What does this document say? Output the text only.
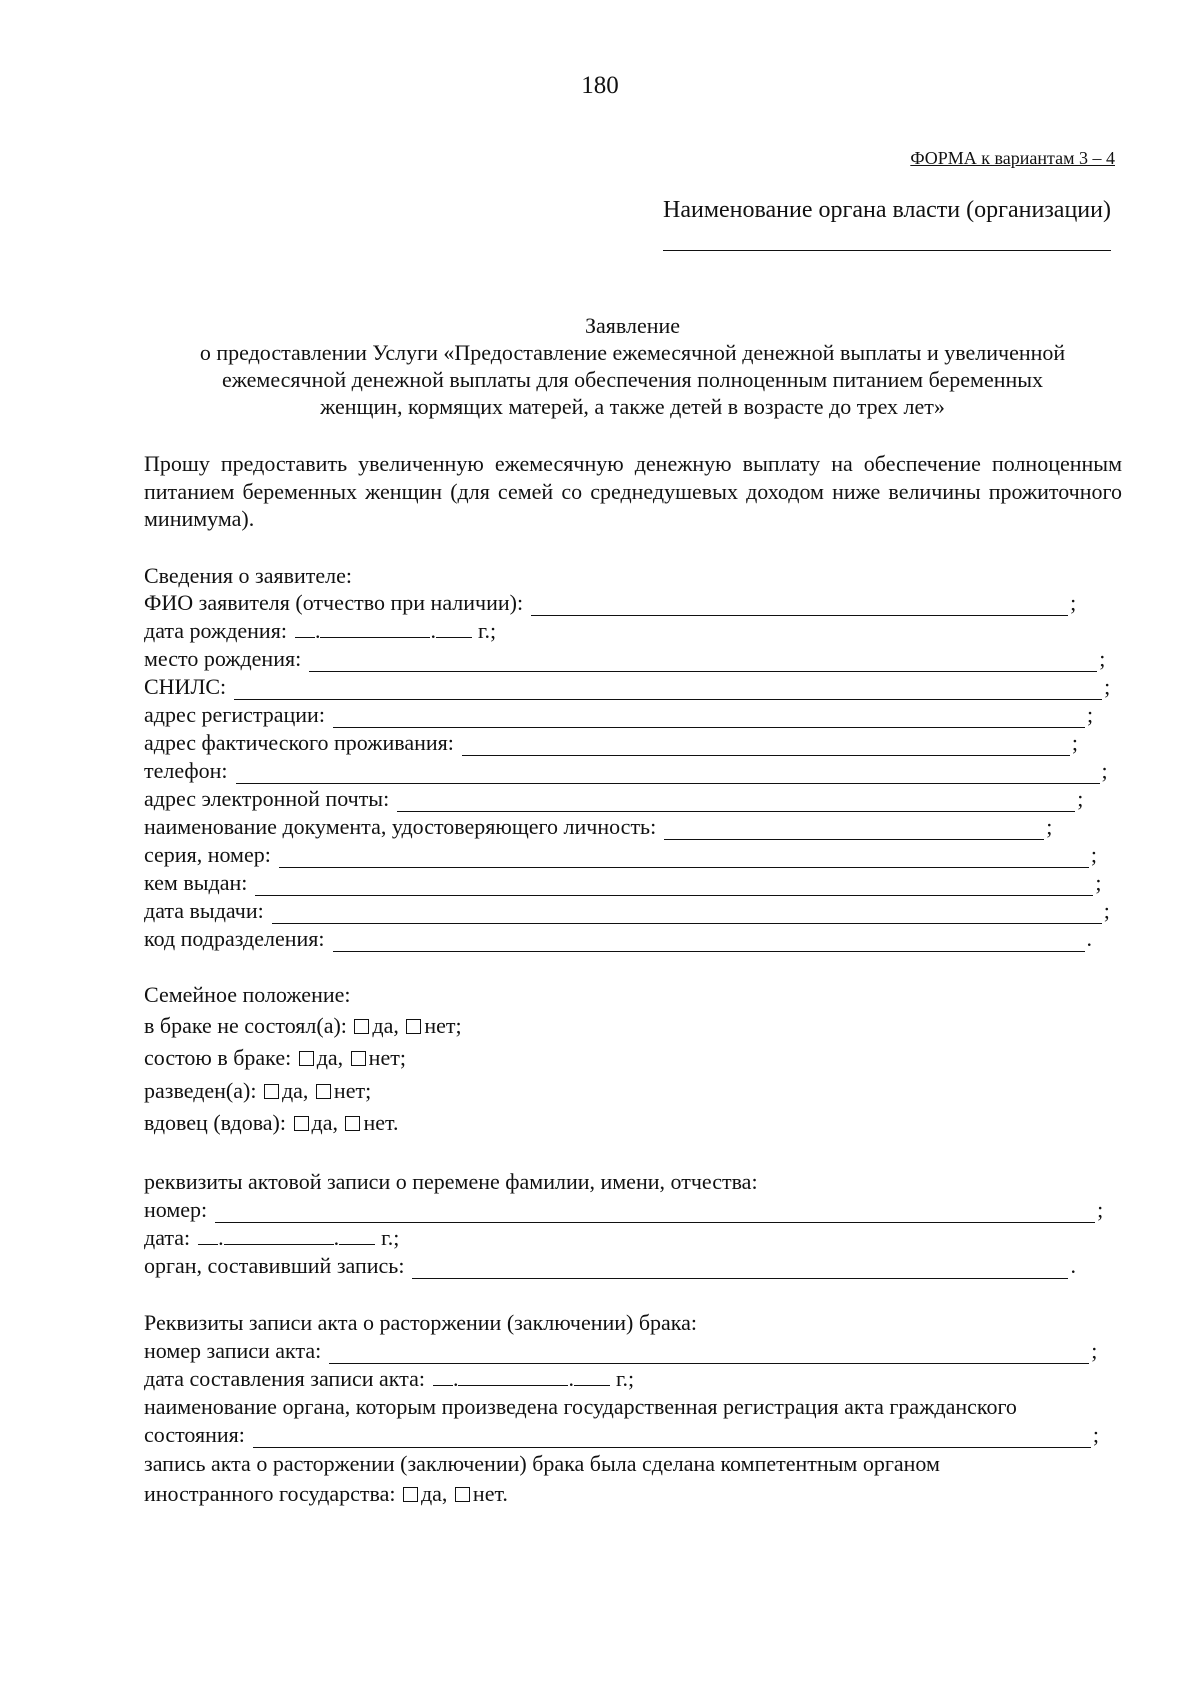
180
ФОРМА к вариантам 3 – 4
Наименование органа власти (организации)
Заявление
о предоставлении Услуги «Предоставление ежемесячной денежной выплаты и увеличенной
ежемесячной денежной выплаты для обеспечения полноценным питанием беременных
женщин, кормящих матерей, а также детей в возрасте до трех лет»
Прошу предоставить увеличенную ежемесячную денежную выплату на обеспечение полноценным питанием беременных женщин (для семей со среднедушевых доходом ниже величины прожиточного минимума).
Сведения о заявителе:
ФИО заявителя (отчество при наличии):	;
дата рождения:	.	.	г.;
место рождения:	;
СНИЛС:	;
адрес регистрации:	;
адрес фактического проживания:	;
телефон:	;
адрес электронной почты:	;
наименование документа, удостоверяющего личность:	;
серия, номер:	;
кем выдан:	;
дата выдачи:	;
код подразделения:	.
Семейное положение:
в браке не состоял(а): да, нет;
состою в браке: да, нет;
разведен(а): да, нет;
вдовец (вдова): да, нет.
реквизиты актовой записи о перемене фамилии, имени, отчества:
номер:	;
дата:	.	.	г.;
орган, составивший запись:	.
Реквизиты записи акта о расторжении (заключении) брака:
номер записи акта:	;
дата составления записи акта:	.	.	г.;
наименование органа, которым произведена государственная регистрация акта гражданского
состояния:	;
запись акта о расторжении (заключении) брака была сделана компетентным органом
иностранного государства: да, нет.
